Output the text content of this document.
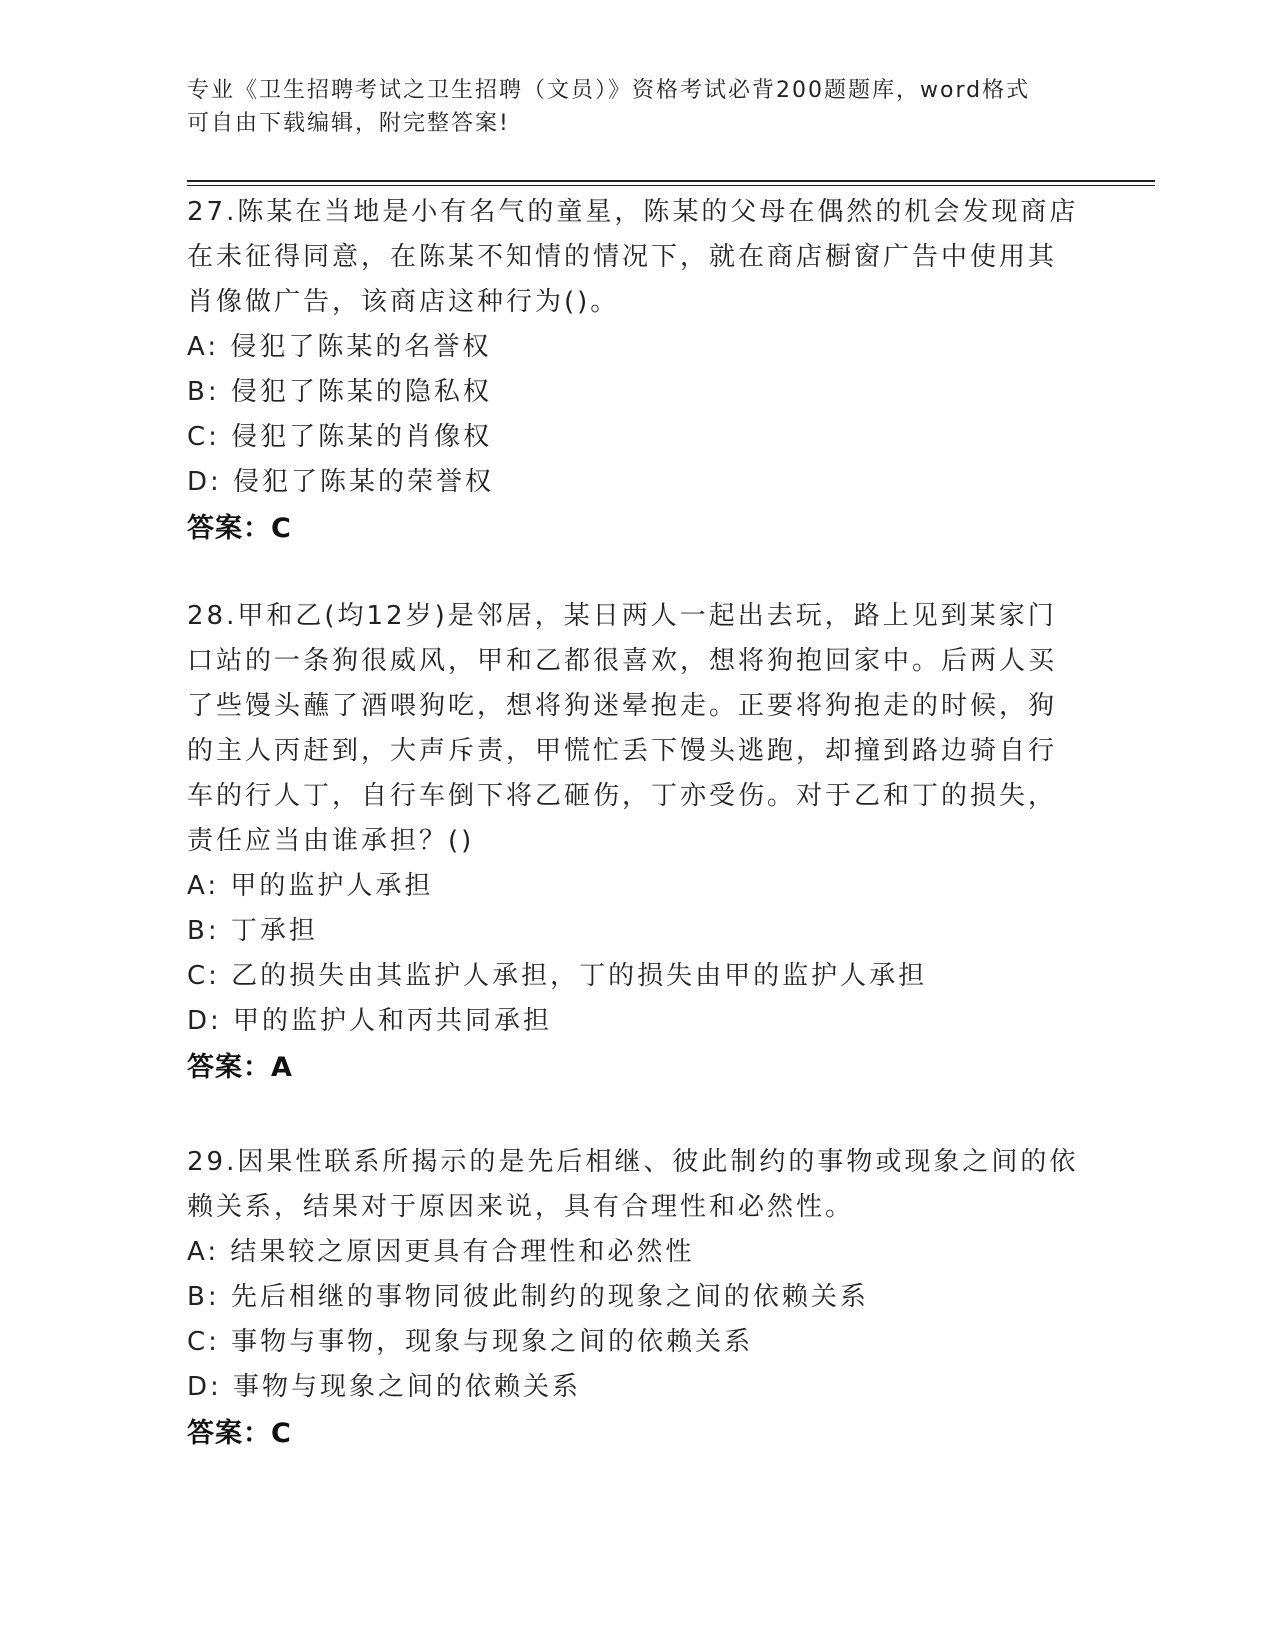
专业《卫生招聘考试之卫生招聘（文员）》资格考试必背200题题库，word格式
可自由下载编辑，附完整答案!
27.陈某在当地是小有名气的童星，陈某的父母在偶然的机会发现商店
在未征得同意，在陈某不知情的情况下，就在商店橱窗广告中使用其
肖像做广告，该商店这种行为()。
A: 侵犯了陈某的名誉权
B: 侵犯了陈某的隐私权
C: 侵犯了陈某的肖像权
D: 侵犯了陈某的荣誉权
答案：C
28.甲和乙(均12岁)是邻居，某日两人一起出去玩，路上见到某家门
口站的一条狗很威风，甲和乙都很喜欢，想将狗抱回家中。后两人买
了些馒头蘸了酒喂狗吃，想将狗迷晕抱走。正要将狗抱走的时候，狗
的主人丙赶到，大声斥责，甲慌忙丢下馒头逃跑，却撞到路边骑自行
车的行人丁，自行车倒下将乙砸伤，丁亦受伤。对于乙和丁的损失，
责任应当由谁承担？()
A: 甲的监护人承担
B: 丁承担
C: 乙的损失由其监护人承担，丁的损失由甲的监护人承担
D: 甲的监护人和丙共同承担
答案：A
29.因果性联系所揭示的是先后相继、彼此制约的事物或现象之间的依
赖关系，结果对于原因来说，具有合理性和必然性。
A: 结果较之原因更具有合理性和必然性
B: 先后相继的事物同彼此制约的现象之间的依赖关系
C: 事物与事物，现象与现象之间的依赖关系
D: 事物与现象之间的依赖关系
答案：C
